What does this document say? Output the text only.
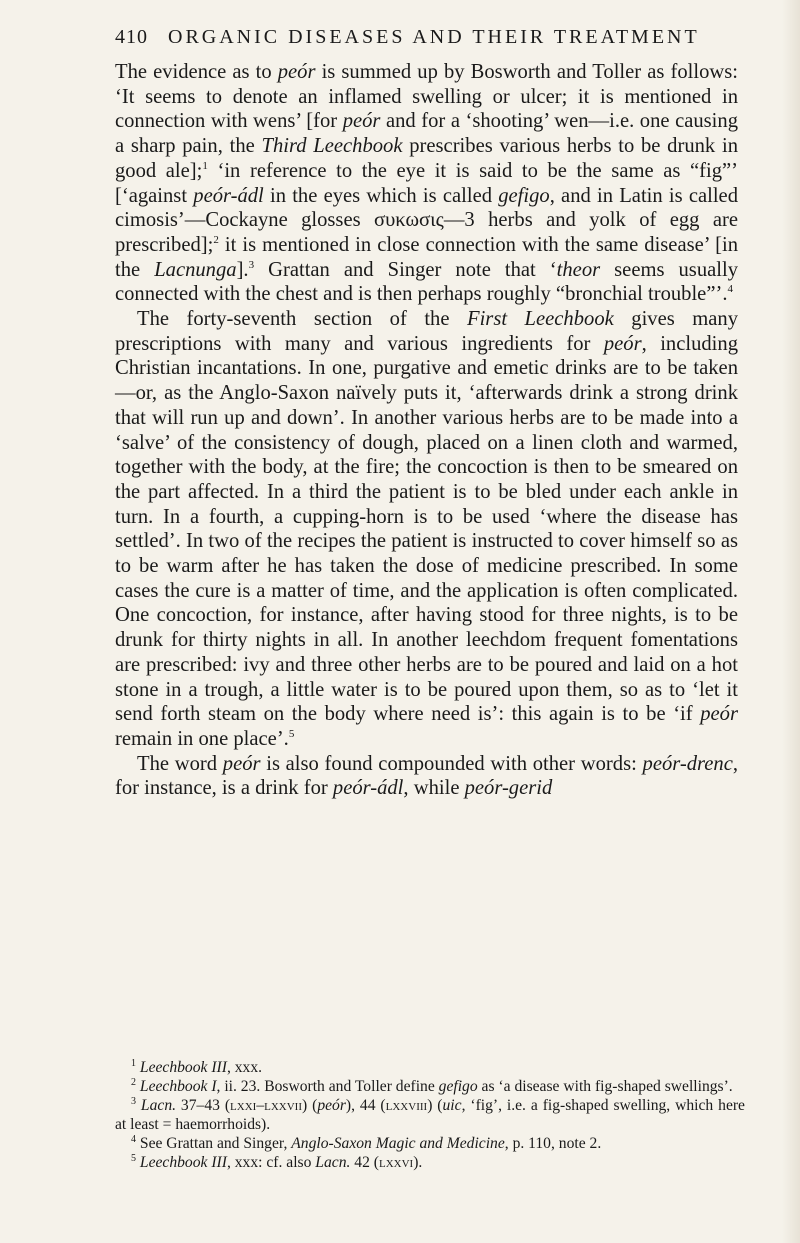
410 ORGANIC DISEASES AND THEIR TREATMENT

The evidence as to peór is summed up by Bosworth and Toller as follows: ‘It seems to denote an inflamed swelling or ulcer; it is mentioned in connection with wens’ [for peór and for a ‘shooting’ wen—i.e. one causing a sharp pain, the Third Leechbook prescribes various herbs to be drunk in good ale];$^1$ ‘in reference to the eye it is said to be the same as “fig”’ [‘against peór-ádl in the eyes which is called gefigo, and in Latin is called cimosis’—Cockayne glosses συκωσις—3 herbs and yolk of egg are prescribed];$^2$ it is mentioned in close connection with the same disease’ [in the Lacnunga].$^3$ Grattan and Singer note that ‘theor seems usually connected with the chest and is then perhaps roughly “bronchial trouble”’.$^4$

The forty-seventh section of the First Leechbook gives many prescriptions with many and various ingredients for peór, including Christian incantations. In one, purgative and emetic drinks are to be taken—or, as the Anglo-Saxon naïvely puts it, ‘afterwards drink a strong drink that will run up and down’. In another various herbs are to be made into a ‘salve’ of the consistency of dough, placed on a linen cloth and warmed, together with the body, at the fire; the concoction is then to be smeared on the part affected. In a third the patient is to be bled under each ankle in turn. In a fourth, a cupping-horn is to be used ‘where the disease has settled’. In two of the recipes the patient is instructed to cover himself so as to be warm after he has taken the dose of medicine prescribed. In some cases the cure is a matter of time, and the application is often complicated. One concoction, for instance, after having stood for three nights, is to be drunk for thirty nights in all. In another leechdom frequent fomentations are prescribed: ivy and three other herbs are to be poured and laid on a hot stone in a trough, a little water is to be poured upon them, so as to ‘let it send forth steam on the body where need is’: this again is to be ‘if peór remain in one place’.$^5$

The word peór is also found compounded with other words: peór-drenc, for instance, is a drink for peór-ádl, while peór-gerid

$^1$ Leechbook III, xxx.

$^2$ Leechbook I, ii. 23. Bosworth and Toller define gefigo as ‘a disease with fig-shaped swellings’.

$^3$ Lacn. 37–43 (lxxi–lxxvii) (peór), 44 (lxxviii) (uic, ‘fig’, i.e. a fig-shaped swelling, which here at least = haemorrhoids).

$^4$ See Grattan and Singer, Anglo-Saxon Magic and Medicine, p. 110, note 2.

$^5$ Leechbook III, xxx: cf. also Lacn. 42 (lxxvi).
